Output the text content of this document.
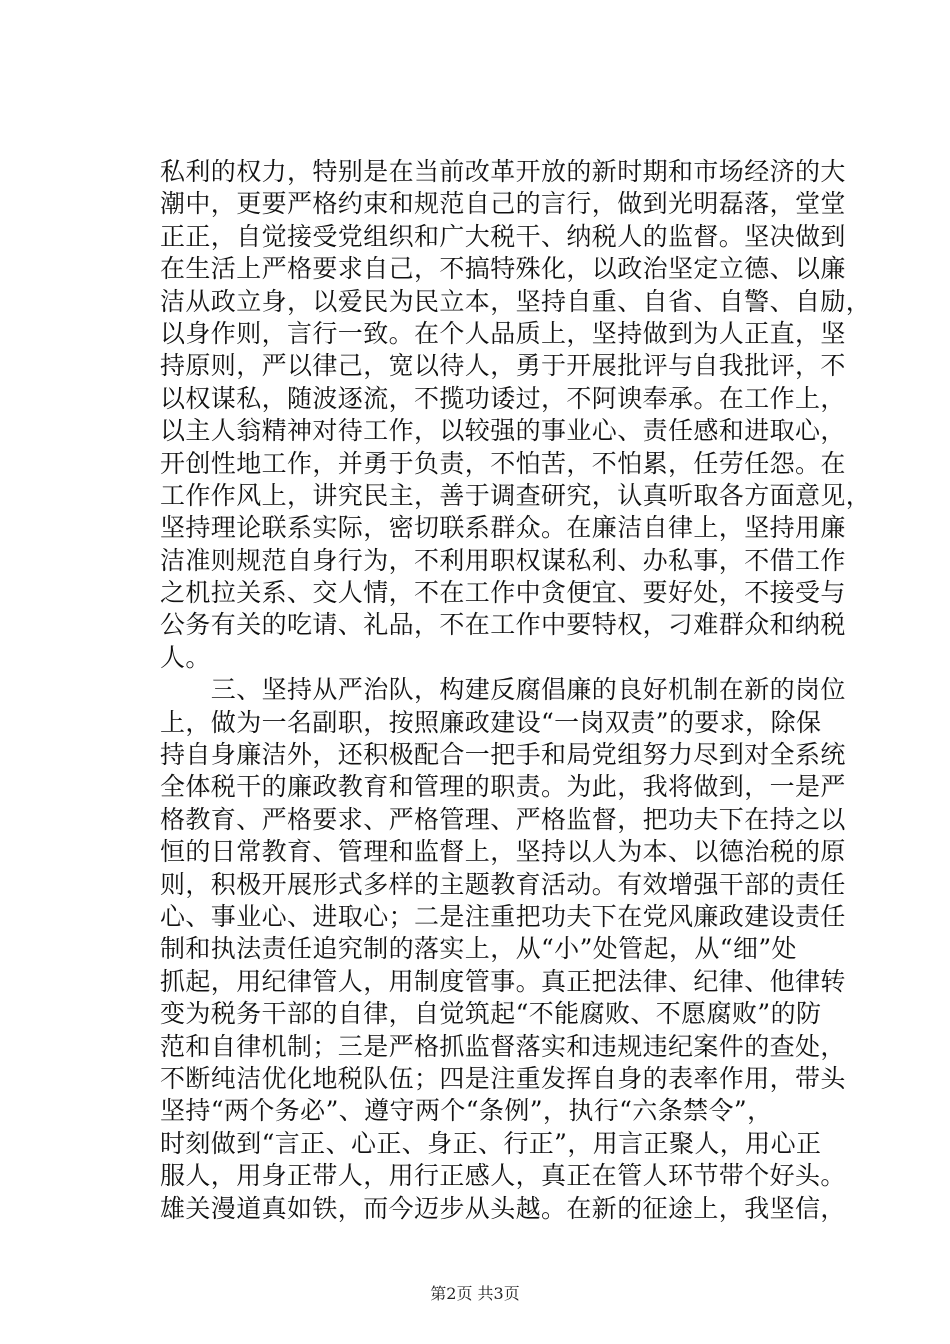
私利的权力，特别是在当前改革开放的新时期和市场经济的大
潮中，更要严格约束和规范自己的言行，做到光明磊落，堂堂
正正，自觉接受党组织和广大税干、纳税人的监督。坚决做到
在生活上严格要求自己，不搞特殊化，以政治坚定立德、以廉
洁从政立身，以爱民为民立本，坚持自重、自省、自警、自励，
以身作则，言行一致。在个人品质上，坚持做到为人正直，坚
持原则，严以律己，宽以待人，勇于开展批评与自我批评，不
以权谋私，随波逐流，不揽功诿过，不阿谀奉承。在工作上，
以主人翁精神对待工作，以较强的事业心、责任感和进取心，
开创性地工作，并勇于负责，不怕苦，不怕累，任劳任怨。在
工作作风上，讲究民主，善于调查研究，认真听取各方面意见，
坚持理论联系实际，密切联系群众。在廉洁自律上，坚持用廉
洁准则规范自身行为，不利用职权谋私利、办私事，不借工作
之机拉关系、交人情，不在工作中贪便宜、要好处，不接受与
公务有关的吃请、礼品，不在工作中要特权，刁难群众和纳税
人。
　　三、坚持从严治队，构建反腐倡廉的良好机制在新的岗位
上，做为一名副职，按照廉政建设“一岗双责”的要求，除保
持自身廉洁外，还积极配合一把手和局党组努力尽到对全系统
全体税干的廉政教育和管理的职责。为此，我将做到，一是严
格教育、严格要求、严格管理、严格监督，把功夫下在持之以
恒的日常教育、管理和监督上，坚持以人为本、以德治税的原
则，积极开展形式多样的主题教育活动。有效增强干部的责任
心、事业心、进取心；二是注重把功夫下在党风廉政建设责任
制和执法责任追究制的落实上，从“小”处管起，从“细”处
抓起，用纪律管人，用制度管事。真正把法律、纪律、他律转
变为税务干部的自律，自觉筑起“不能腐败、不愿腐败”的防
范和自律机制；三是严格抓监督落实和违规违纪案件的查处，
不断纯洁优化地税队伍；四是注重发挥自身的表率作用，带头
坚持“两个务必”、遵守两个“条例”，执行“六条禁令”，
时刻做到“言正、心正、身正、行正”，用言正聚人，用心正
服人，用身正带人，用行正感人，真正在管人环节带个好头。
雄关漫道真如铁，而今迈步从头越。在新的征途上，我坚信，
第2页 共3页
